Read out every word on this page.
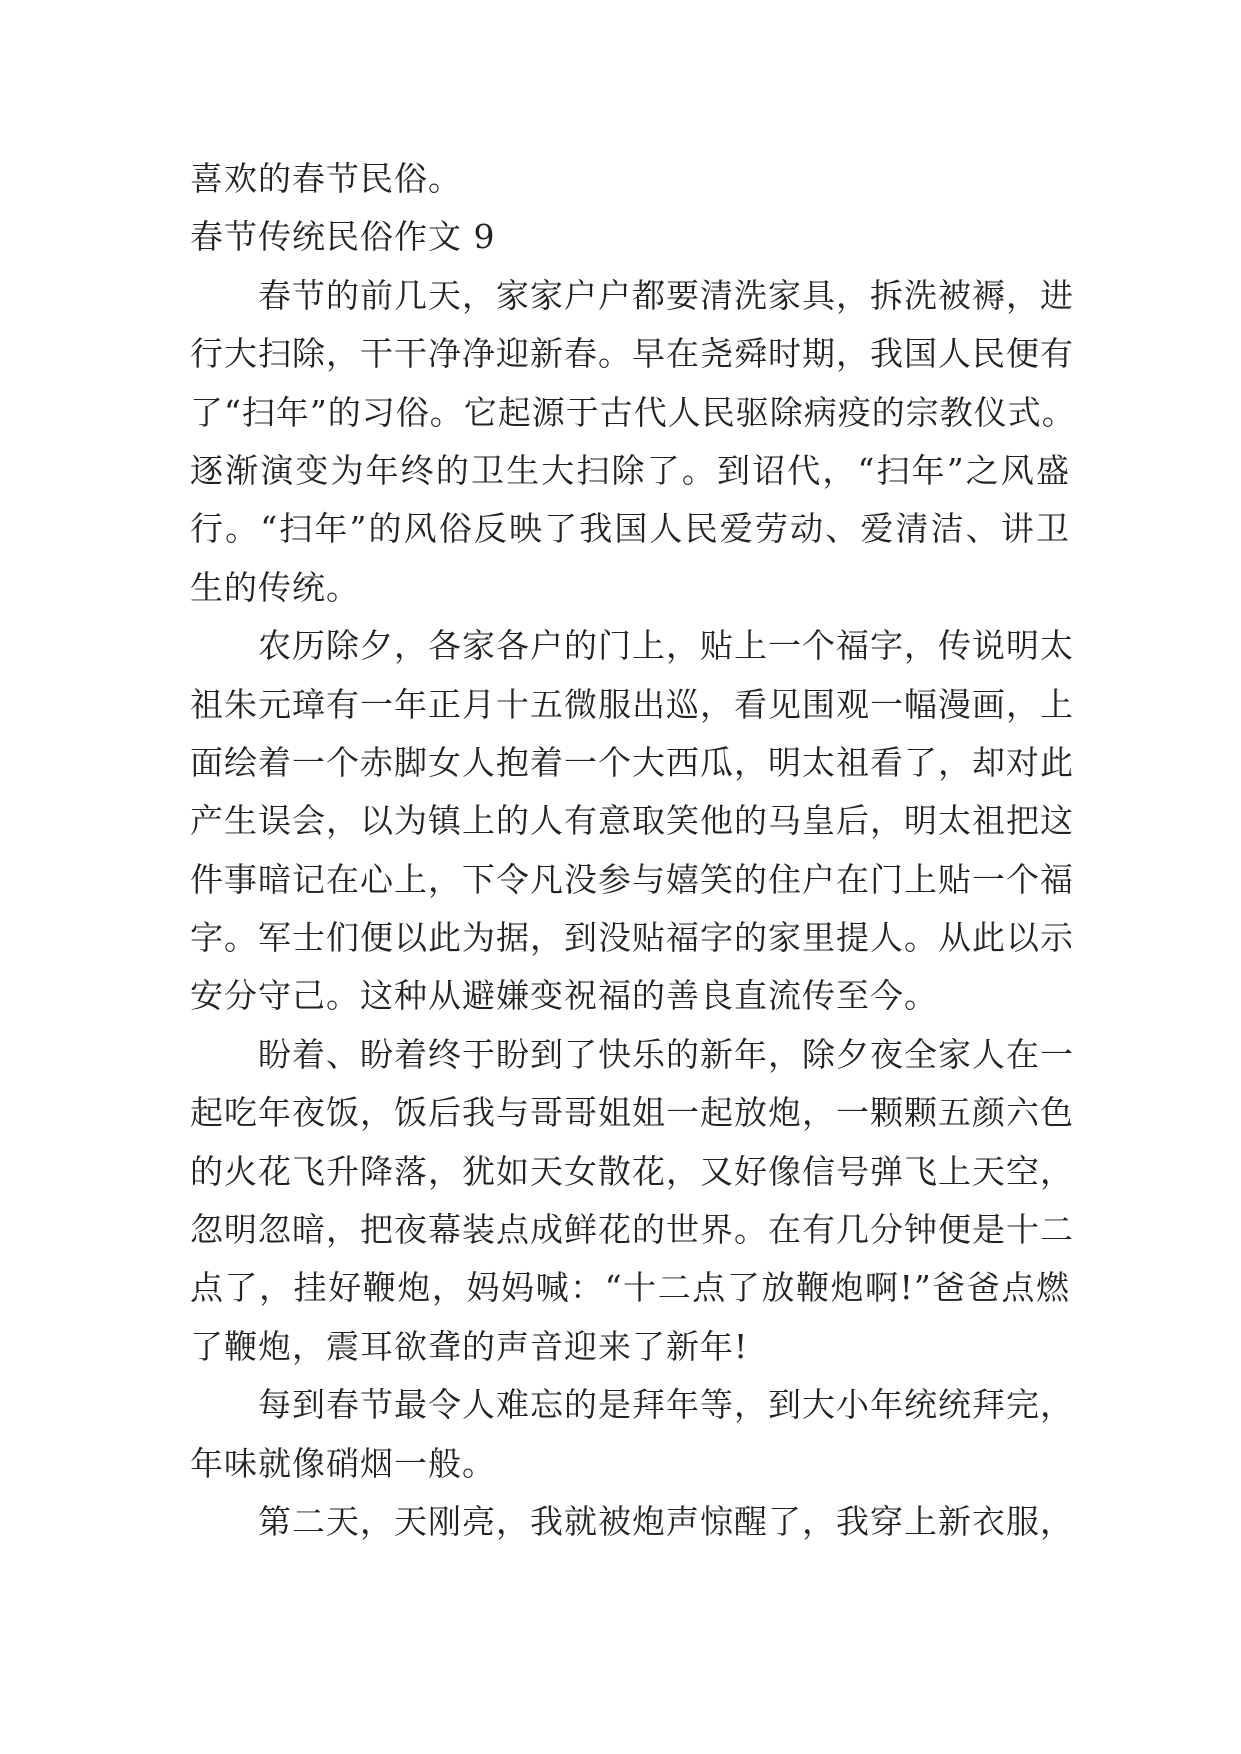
喜欢的春节民俗。
春节传统民俗作文 9
春节的前几天，家家户户都要清洗家具，拆洗被褥，进
行大扫除，干干净净迎新春。早在尧舜时期，我国人民便有
了“扫年”的习俗。它起源于古代人民驱除病疫的宗教仪式。
逐渐演变为年终的卫生大扫除了。到诏代，“扫年”之风盛
行。“扫年”的风俗反映了我国人民爱劳动、爱清洁、讲卫
生的传统。
农历除夕，各家各户的门上，贴上一个福字，传说明太
祖朱元璋有一年正月十五微服出巡，看见围观一幅漫画，上
面绘着一个赤脚女人抱着一个大西瓜，明太祖看了，却对此
产生误会，以为镇上的人有意取笑他的马皇后，明太祖把这
件事暗记在心上，下令凡没参与嬉笑的住户在门上贴一个福
字。军士们便以此为据，到没贴福字的家里提人。从此以示
安分守己。这种从避嫌变祝福的善良直流传至今。
盼着、盼着终于盼到了快乐的新年，除夕夜全家人在一
起吃年夜饭，饭后我与哥哥姐姐一起放炮，一颗颗五颜六色
的火花飞升降落，犹如天女散花，又好像信号弹飞上天空，
忽明忽暗，把夜幕装点成鲜花的世界。在有几分钟便是十二
点了，挂好鞭炮，妈妈喊：“十二点了放鞭炮啊!”爸爸点燃
了鞭炮，震耳欲聋的声音迎来了新年!
每到春节最令人难忘的是拜年等，到大小年统统拜完，
年味就像硝烟一般。
第二天，天刚亮，我就被炮声惊醒了，我穿上新衣服，
